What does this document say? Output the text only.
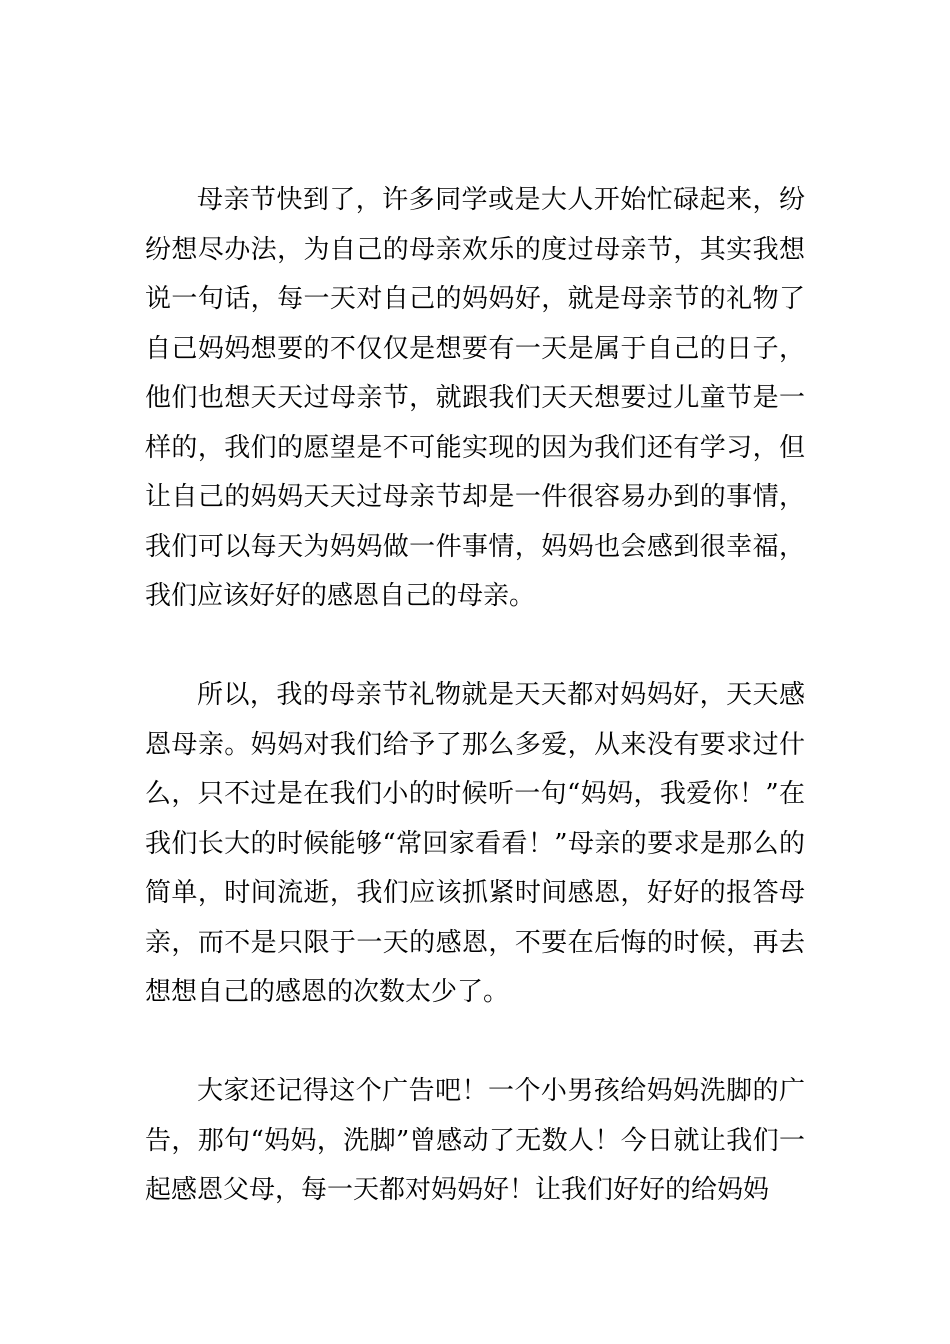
母亲节快到了，许多同学或是大人开始忙碌起来，纷纷想尽办法，为自己的母亲欢乐的度过母亲节，其实我想说一句话，每一天对自己的妈妈好，就是母亲节的礼物了自己妈妈想要的不仅仅是想要有一天是属于自己的日子，他们也想天天过母亲节，就跟我们天天想要过儿童节是一样的，我们的愿望是不可能实现的因为我们还有学习，但让自己的妈妈天天过母亲节却是一件很容易办到的事情，我们可以每天为妈妈做一件事情，妈妈也会感到很幸福，我们应该好好的感恩自己的母亲。

所以，我的母亲节礼物就是天天都对妈妈好，天天感恩母亲。妈妈对我们给予了那么多爱，从来没有要求过什么，只不过是在我们小的时候听一句“妈妈，我爱你！”在我们长大的时候能够“常回家看看！”母亲的要求是那么的简单，时间流逝，我们应该抓紧时间感恩，好好的报答母亲，而不是只限于一天的感恩，不要在后悔的时候，再去想想自己的感恩的次数太少了。

大家还记得这个广告吧！一个小男孩给妈妈洗脚的广告，那句“妈妈，洗脚”曾感动了无数人！今日就让我们一起感恩父母，每一天都对妈妈好！让我们好好的给妈妈
